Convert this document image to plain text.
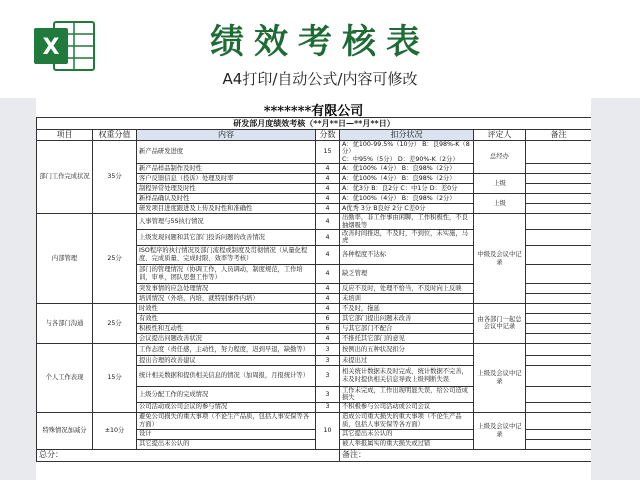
X	绩效考核表
A4打印/自动公式/内容可修改
*******有限公司
研发部月度绩效考核（**月**日—**月**日）						
项目	权重分值	内容	分数	扣分状况	评定人	备注
部门工作完成状况	35分	新产品研发进度	15	A：优100-99.5%（10分） B：良98%-K（8分）
C：中95%（5分） D：差90%-K（2分）	总经办	
		新产品样品制作及时性	4	A：优100%（4分） B：良98%（2分）		
		客户反馈信息（投诉）处理及时率	4	A：优100%（4分） B：良98%（2分）	上级	
		制程异常处理及时性	4	A：优3分 B：良2分 C：中1分 D：差0分		
		新样品确认及时性	4	A：优100%（4分） B：良98%（2分）	上级	
		研发项目进度跟进及上传及时性和准确性	4	A优秀 3分 B良好 2分 C差0分		
内部管理	25分	人事管理与5S执行情况	4	出勤率，非工作事由闲聊，工作积极性，不良抽烟吸等	中级及会议中记录	
		上级发现问题和其它部门投诉问题的改善情况	4	改善时间推迟，不及时，不到位，未实施，马虎		
		ISO程序的执行情况及部门流程或制度及贯彻情况（从量化程度、完成质量、完成时限、效率等考核）	4	各种程度不达标		
		部门的管理情况（协调工作，人员调动，制度规范，工作培训，审单，团队思想工作等）	4	缺乏管理		
		突发事情的应急处理情况	4	反应不及时，处理不恰当，不及时向上反映		
		培训情况（外培，内培，就特别事件内培）	4	未培训		
与各部门沟通	25分	时效性	4	不及时，拖延	由各部门一起总会议中记录	
		有效性	6	其它部门提出问题未改善		
		积极性和互动性	6	与其它部门不配合		
		会议提出问题改善状况	4	不推托其它部门的意见		
个人工作表现	15分	工作态度（责任感，主动性，努力程度，迟到早退，缺勤等）	3	按例出的五种状况扣分	上级及会议中记录	
		提出合理的改善建议	3	未提出过		
		统计相关数据和提供相关信息的情况（加周报，月报统计等）	3	相关统计数据未及时完成，统计数据不完善，未及时提供相关信息导致上级判断失误		
		上级分配工作的完成情况	3	工作未完成，工作出现明显失误，给公司造成损失		
		公司活动或公司会议的参与情况	3	不积极参与公司活动或公司会议		
特殊情况加减分	±10分	避免公司损失的重大事项（不论生产品质，包括人事安保等各方面）	10	造成公司重大损失的重大事项（不论生产品质，包括人事安保等各方面）	上级及会议中记录	
		设计		其它提出未公认的		
		其它提出未公认的		被人举报属实的重大损失或过错		
总分：				备注：		
